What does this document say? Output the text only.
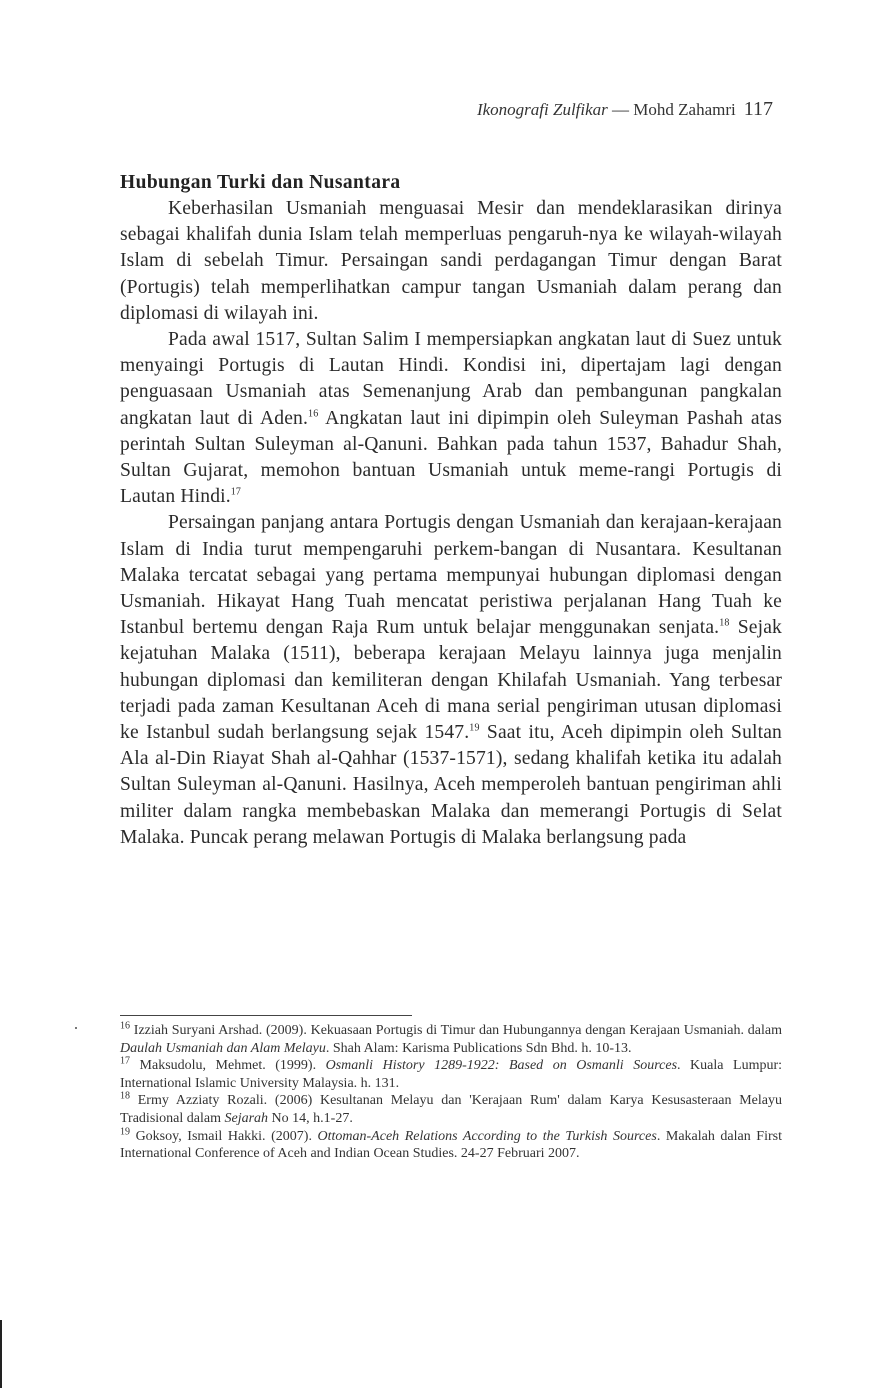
Ikonografi Zulfikar — Mohd Zahamri 117
Hubungan Turki dan Nusantara

Keberhasilan Usmaniah menguasai Mesir dan mendeklarasikan dirinya sebagai khalifah dunia Islam telah memperluas pengaruh-nya ke wilayah-wilayah Islam di sebelah Timur. Persaingan sandi perdagangan Timur dengan Barat (Portugis) telah memperlihatkan campur tangan Usmaniah dalam perang dan diplomasi di wilayah ini.

Pada awal 1517, Sultan Salim I mempersiapkan angkatan laut di Suez untuk menyaingi Portugis di Lautan Hindi. Kondisi ini, dipertajam lagi dengan penguasaan Usmaniah atas Semenanjung Arab dan pembangunan pangkalan angkatan laut di Aden.$^{16}$ Angkatan laut ini dipimpin oleh Suleyman Pashah atas perintah Sultan Suleyman al-Qanuni. Bahkan pada tahun 1537, Bahadur Shah, Sultan Gujarat, memohon bantuan Usmaniah untuk meme-rangi Portugis di Lautan Hindi.$^{17}$

Persaingan panjang antara Portugis dengan Usmaniah dan kerajaan-kerajaan Islam di India turut mempengaruhi perkem-bangan di Nusantara. Kesultanan Malaka tercatat sebagai yang pertama mempunyai hubungan diplomasi dengan Usmaniah. Hikayat Hang Tuah mencatat peristiwa perjalanan Hang Tuah ke Istanbul bertemu dengan Raja Rum untuk belajar menggunakan senjata.$^{18}$ Sejak kejatuhan Malaka (1511), beberapa kerajaan Melayu lainnya juga menjalin hubungan diplomasi dan kemiliteran dengan Khilafah Usmaniah. Yang terbesar terjadi pada zaman Kesultanan Aceh di mana serial pengiriman utusan diplomasi ke Istanbul sudah berlangsung sejak 1547.19 Saat itu, Aceh dipimpin oleh Sultan Ala al-Din Riayat Shah al-Qahhar (1537-1571), sedang khalifah ketika itu adalah Sultan Suleyman al-Qanuni. Hasilnya, Aceh memperoleh bantuan pengiriman ahli militer dalam rangka membebaskan Malaka dan memerangi Portugis di Selat Malaka. Puncak perang melawan Portugis di Malaka berlangsung pada

$^{16}$ Izziah Suryani Arshad. (2009). Kekuasaan Portugis di Timur dan Hubungannya dengan Kerajaan Usmaniah. dalam Daulah Usmaniah dan Alam Melayu. Shah Alam: Karisma Publications Sdn Bhd. h. 10-13.

$^{17}$ Maksudolu, Mehmet. (1999). Osmanli History 1289-1922: Based on Osmanli Sources. Kuala Lumpur: International Islamic University Malaysia. h. 131.

$^{18}$ Ermy Azziaty Rozali. (2006) Kesultanan Melayu dan 'Kerajaan Rum' dalam Karya Kesusasteraan Melayu Tradisional dalam Sejarah No 14, h.1-27.

$^{19}$ Goksoy, Ismail Hakki. (2007). Ottoman-Aceh Relations According to the Turkish Sources. Makalah dalan First International Conference of Aceh and Indian Ocean Studies. 24-27 Februari 2007.
